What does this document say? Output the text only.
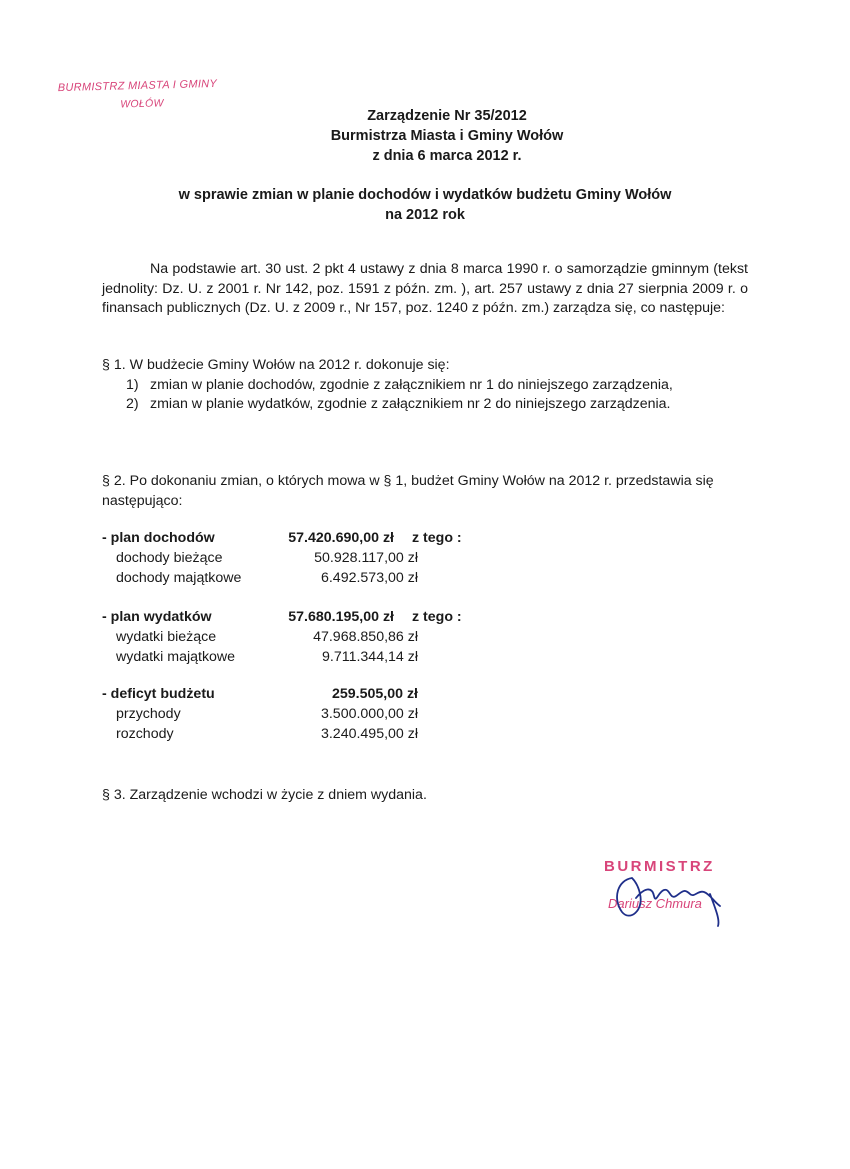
BURMISTRZ MIASTA I GMINY
WOŁÓW
Zarządzenie Nr 35/2012
Burmistrza Miasta i Gminy Wołów
z dnia 6 marca 2012 r.
w sprawie zmian w planie dochodów i wydatków budżetu Gminy Wołów
na 2012 rok
Na podstawie art. 30 ust. 2 pkt 4 ustawy z dnia 8 marca 1990 r. o samorządzie gminnym (tekst jednolity: Dz. U. z 2001 r. Nr 142, poz. 1591 z późn. zm. ), art. 257 ustawy z dnia 27 sierpnia 2009 r. o finansach publicznych (Dz. U. z 2009 r., Nr 157, poz. 1240 z późn. zm.) zarządza się, co następuje:
§ 1. W budżecie Gminy Wołów na 2012 r. dokonuje się:
1) zmian w planie dochodów, zgodnie z załącznikiem nr 1 do niniejszego zarządzenia,
2) zmian w planie wydatków, zgodnie z załącznikiem nr 2 do niniejszego zarządzenia.
§ 2. Po dokonaniu zmian, o których mowa w § 1, budżet Gminy Wołów na 2012 r. przedstawia się następująco:
- plan dochodów	57.420.690,00 zł z tego :
dochody bieżące	50.928.117,00 zł
dochody majątkowe	6.492.573,00 zł
- plan wydatków	57.680.195,00 zł z tego :
wydatki bieżące	47.968.850,86 zł
wydatki majątkowe	9.711.344,14 zł
- deficyt budżetu	259.505,00 zł
przychody	3.500.000,00 zł
rozchody	3.240.495,00 zł
§ 3. Zarządzenie wchodzi w życie z dniem wydania.
BURMISTRZ
Dariusz Chmura
